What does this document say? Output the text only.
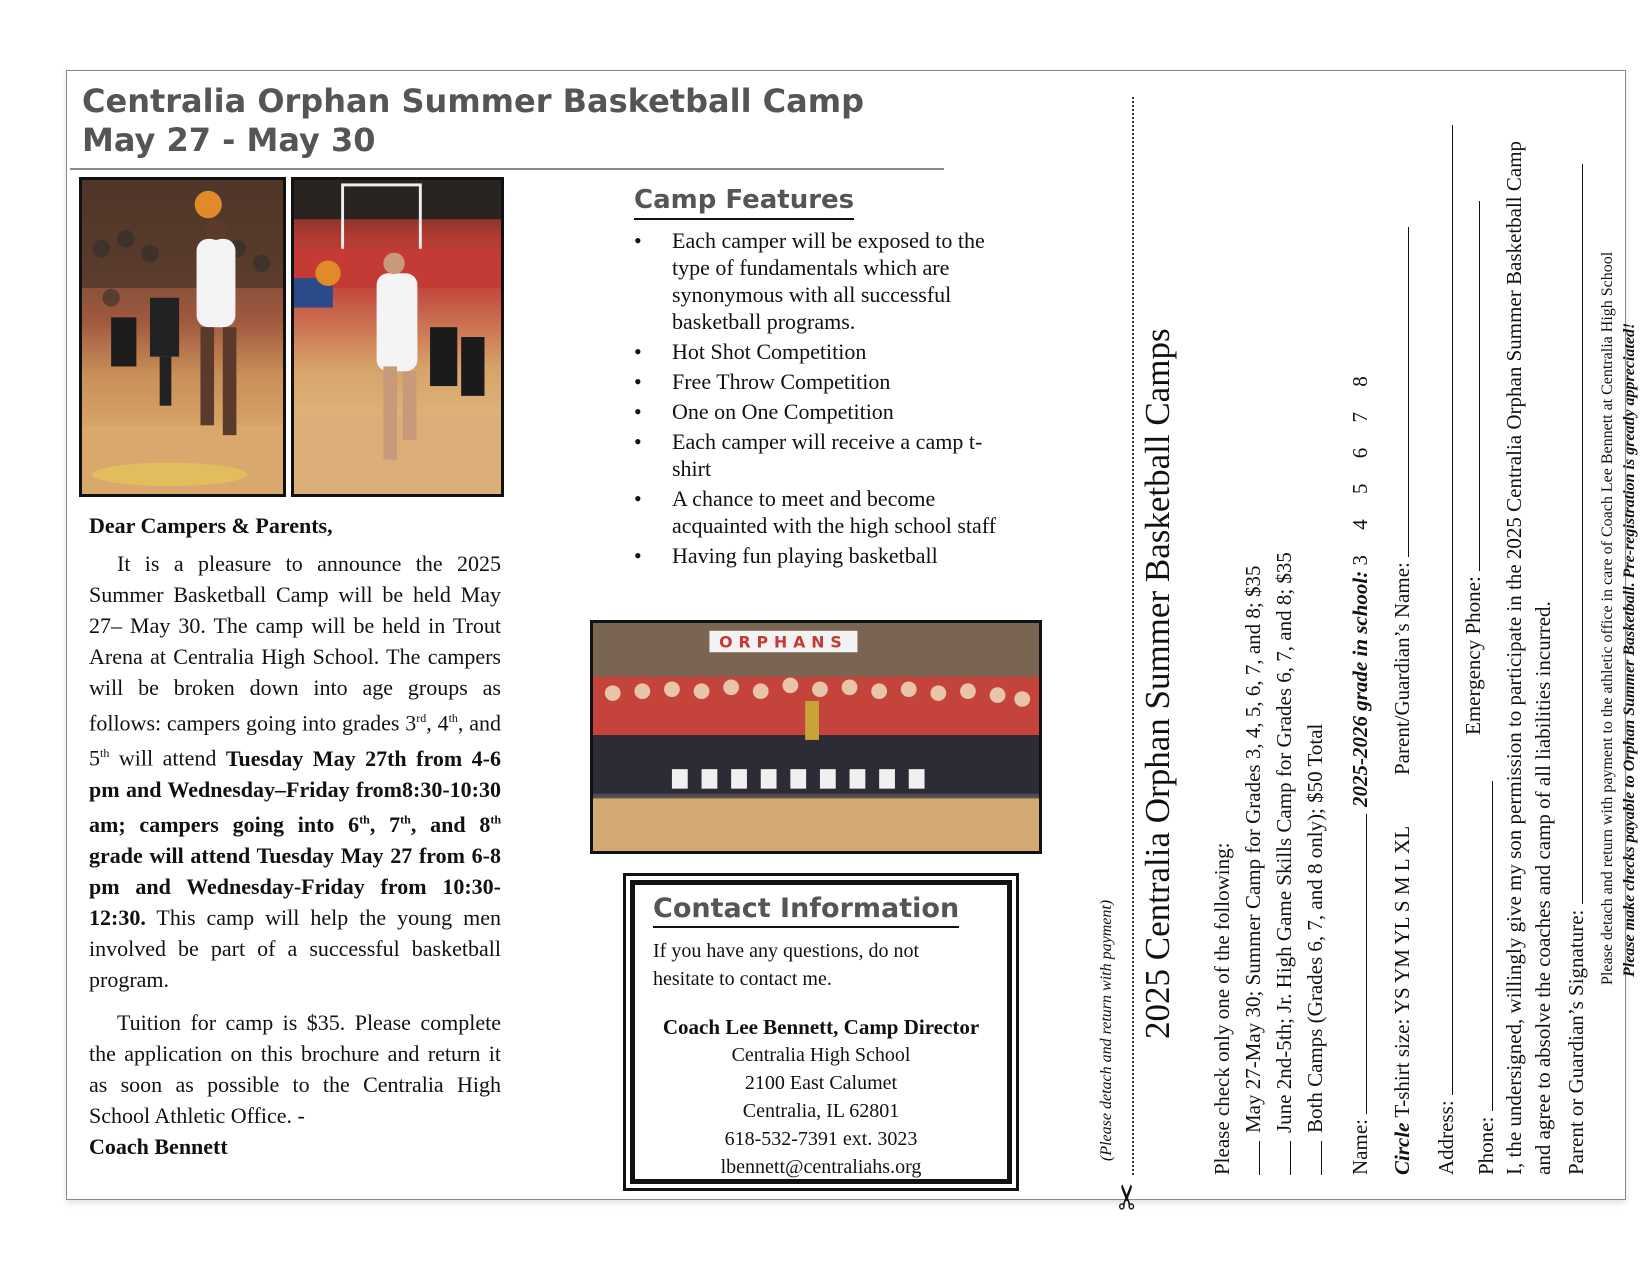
Centralia Orphan Summer Basketball Camp
May 27 - May 30
Dear Campers & Parents,

It is a pleasure to announce the 2025 Summer Basketball Camp will be held May 27– May 30. The camp will be held in Trout Arena at Centralia High School. The campers will be broken down into age groups as follows: campers going into grades 3rd, 4th, and 5th will attend Tuesday May 27th from 4-6 pm and Wednesday–Friday from8:30-10:30 am; campers going into 6th, 7th, and 8th grade will attend Tuesday May 27 from 6-8 pm and Wednesday-Friday from 10:30-12:30. This camp will help the young men involved be part of a successful basketball program.

Tuition for camp is $35. Please complete the application on this brochure and return it as soon as possible to the Centralia High School Athletic Office. -
Coach Bennett

Camp Features
• Each camper will be exposed to the type of fundamentals which are synonymous with all successful basketball programs.
• Hot Shot Competition
• Free Throw Competition
• One on One Competition
• Each camper will receive a camp t-shirt
• A chance to meet and become acquainted with the high school staff
• Having fun playing basketball
ORPHANS
Contact Information
If you have any questions, do not hesitate to contact me.
Coach Lee Bennett, Camp Director
Centralia High School
2100 East Calumet
Centralia, IL 62801
618-532-7391 ext. 3023
lbennett@centraliahs.org
✂
(Please detach and return with payment) 2025 Centralia Orphan Summer Basketball Camps Please check only one of the following: May 27-May 30; Summer Camp for Grades 3, 4, 5, 6, 7, and 8; $35 June 2nd-5th; Jr. High Game Skills Camp for Grades 6, 7, and 8; $35 Both Camps (Grades 6, 7, and 8 only); $50 Total
Name:
2025-2026 grade in school: 3 4 5 6 7 8
Circle T-shirt size: YS YM YL S M L XL
Parent/Guardian’s Name:
Address: Phone:
Emergency Phone: I, the undersigned, willingly give my son permission to participate in the 2025 Centralia Orphan Summer Basketball Camp and agree to absolve the coaches and camp of all liabilities incurred. Parent or Guardian’s Signature:
Please detach and return with payment to the athletic office in care of Coach Lee Bennett at Centralia High School Please make checks payable to Orphan Summer Basketball. Pre-registration is greatly appreciated!
